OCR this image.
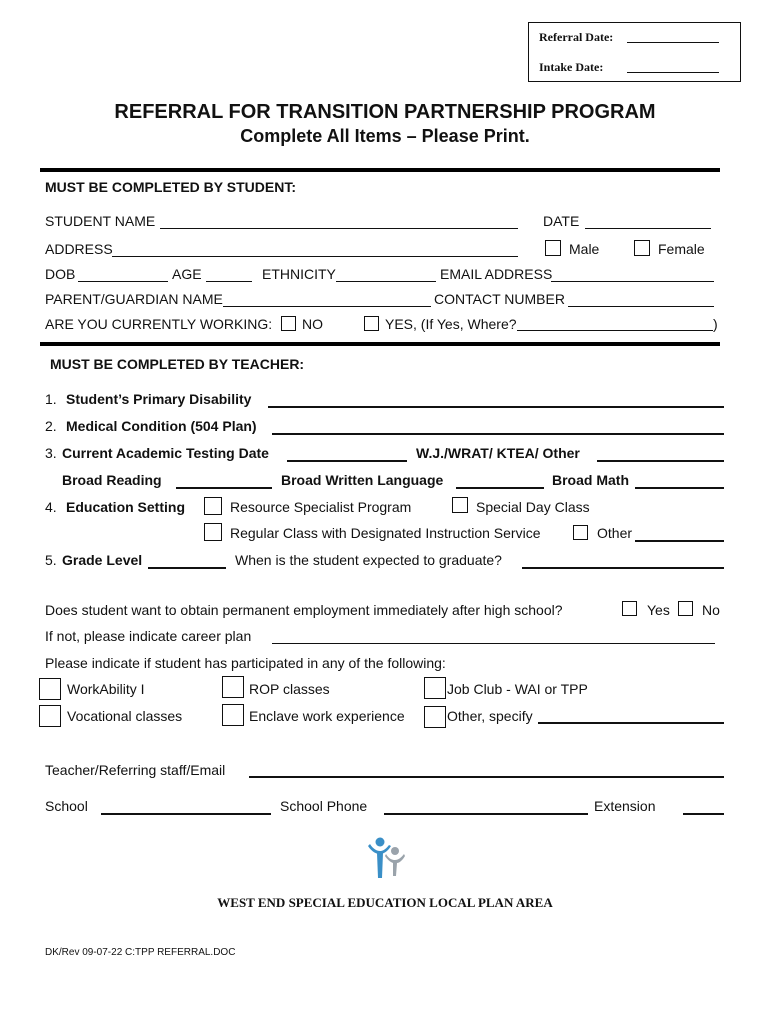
Referral Date:
Intake Date:
REFERRAL FOR TRANSITION PARTNERSHIP PROGRAM
Complete All Items – Please Print.
MUST BE COMPLETED BY STUDENT:
STUDENT NAME	DATE
ADDRESS	Male	Female
DOB	AGE	ETHNICITY	EMAIL ADDRESS
PARENT/GUARDIAN NAME	CONTACT NUMBER
ARE YOU CURRENTLY WORKING: NO	YES, (If Yes, Where?	)
MUST BE COMPLETED BY TEACHER:
1. Student’s Primary Disability
2. Medical Condition (504 Plan)
3. Current Academic Testing Date	W.J./WRAT/ KTEA/ Other
Broad Reading	Broad Written Language	Broad Math
4. Education Setting	Resource Specialist Program	Special Day Class
Regular Class with Designated Instruction Service	Other
5. Grade Level	When is the student expected to graduate?
Does student want to obtain permanent employment immediately after high school?	Yes No
If not, please indicate career plan
Please indicate if student has participated in any of the following:
WorkAbility I	ROP classes	Job Club - WAI or TPP
Vocational classes	Enclave work experience	Other, specify
Teacher/Referring staff/Email
School	School Phone	Extension
WEST END SPECIAL EDUCATION LOCAL PLAN AREA
DK/Rev 09-07-22 C:TPP REFERRAL.DOC
